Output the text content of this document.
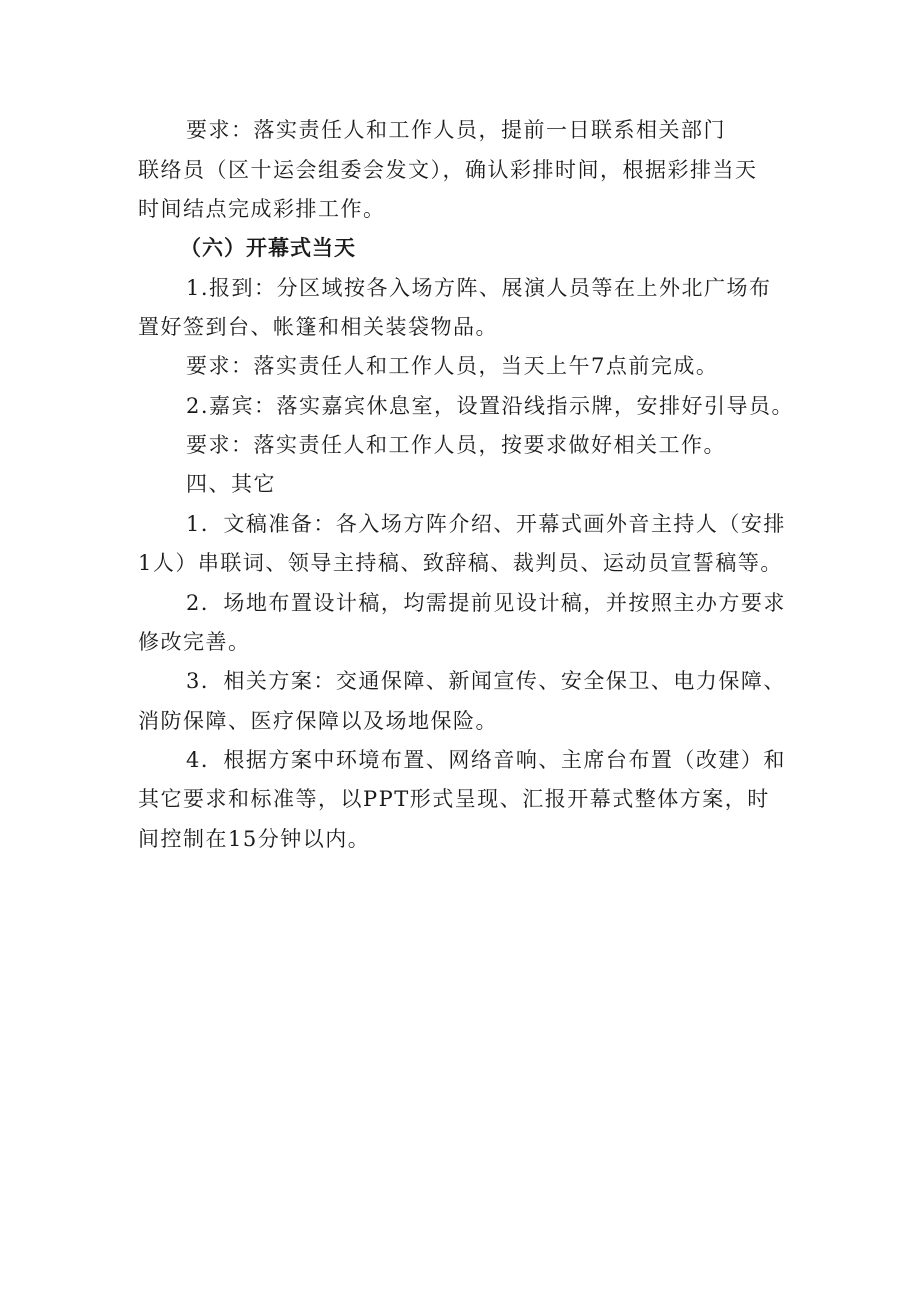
要求：落实责任人和工作人员，提前一日联系相关部门
联络员（区十运会组委会发文），确认彩排时间，根据彩排当天
时间结点完成彩排工作。
（六）开幕式当天
1.报到：分区域按各入场方阵、展演人员等在上外北广场布
置好签到台、帐篷和相关装袋物品。
要求：落实责任人和工作人员，当天上午7点前完成。
2.嘉宾：落实嘉宾休息室，设置沿线指示牌，安排好引导员。
要求：落实责任人和工作人员，按要求做好相关工作。
四、其它
1．文稿准备：各入场方阵介绍、开幕式画外音主持人（安排
1人）串联词、领导主持稿、致辞稿、裁判员、运动员宣誓稿等。
2．场地布置设计稿，均需提前见设计稿，并按照主办方要求
修改完善。
3．相关方案：交通保障、新闻宣传、安全保卫、电力保障、
消防保障、医疗保障以及场地保险。
4．根据方案中环境布置、网络音响、主席台布置（改建）和
其它要求和标准等，以PPT形式呈现、汇报开幕式整体方案，时
间控制在15分钟以内。
